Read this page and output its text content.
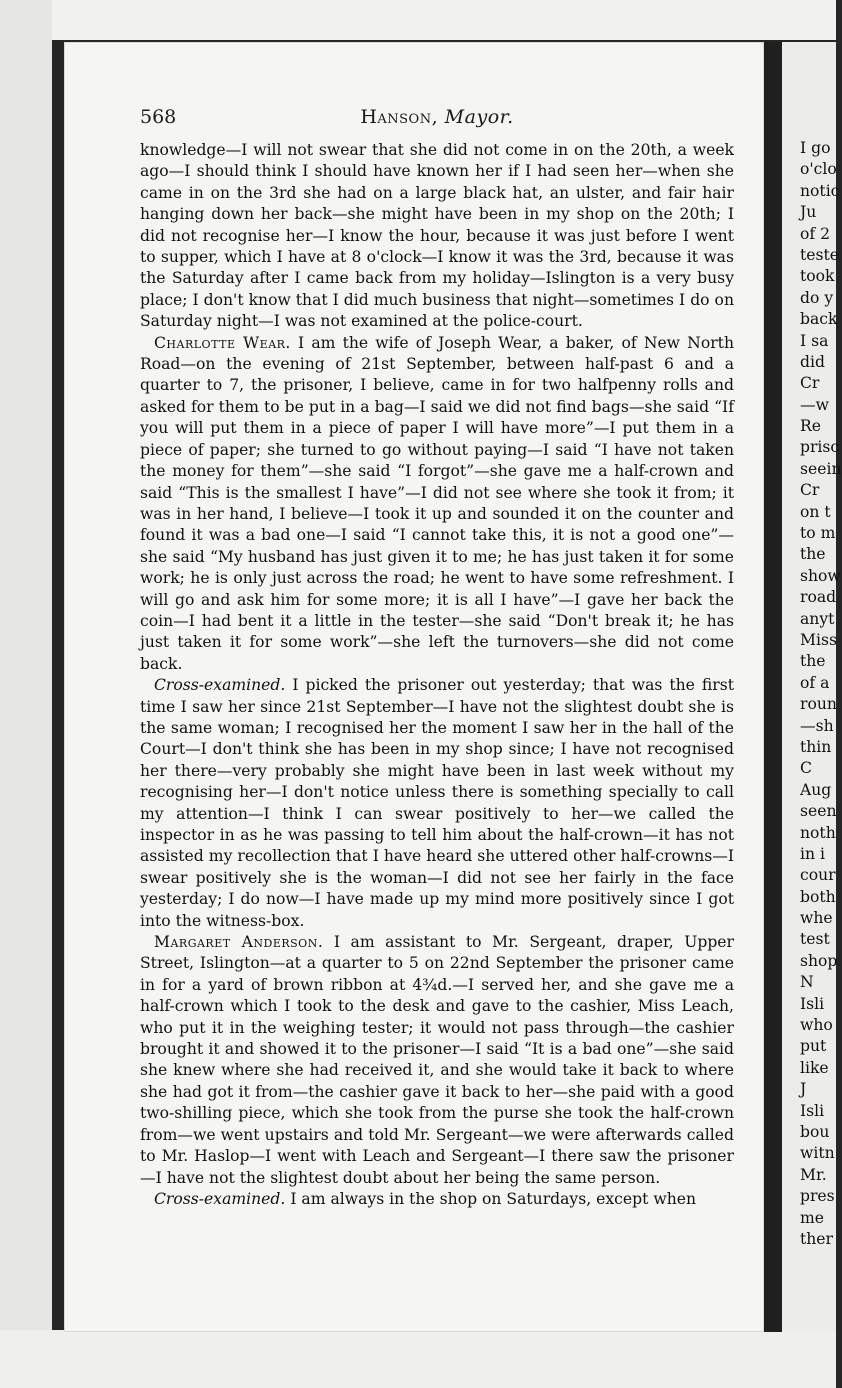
568	Hanson, Mayor.

knowledge—I will not swear that she did not come in on the 20th, a week ago—I should think I should have known her if I had seen her—when she came in on the 3rd she had on a large black hat, an ulster, and fair hair hanging down her back—she might have been in my shop on the 20th; I did not recognise her—I know the hour, because it was just before I went to supper, which I have at 8 o'clock—I know it was the 3rd, because it was the Saturday after I came back from my holiday—Islington is a very busy place; I don't know that I did much business that night—sometimes I do on Saturday night—I was not examined at the police-court.

Charlotte Wear. I am the wife of Joseph Wear, a baker, of New North Road—on the evening of 21st September, between half-past 6 and a quarter to 7, the prisoner, I believe, came in for two halfpenny rolls and asked for them to be put in a bag—I said we did not find bags—she said “If you will put them in a piece of paper I will have more”—I put them in a piece of paper; she turned to go without paying—I said “I have not taken the money for them”—she said “I forgot”—she gave me a half-crown and said “This is the smallest I have”—I did not see where she took it from; it was in her hand, I believe—I took it up and sounded it on the counter and found it was a bad one—I said “I cannot take this, it is not a good one”—she said “My husband has just given it to me; he has just taken it for some work; he is only just across the road; he went to have some refreshment. I will go and ask him for some more; it is all I have”—I gave her back the coin—I had bent it a little in the tester—she said “Don't break it; he has just taken it for some work”—she left the turnovers—she did not come back.

Cross-examined. I picked the prisoner out yesterday; that was the first time I saw her since 21st September—I have not the slightest doubt she is the same woman; I recognised her the moment I saw her in the hall of the Court—I don't think she has been in my shop since; I have not recognised her there—very probably she might have been in last week without my recognising her—I don't notice unless there is something specially to call my attention—I think I can swear positively to her—we called the inspector in as he was passing to tell him about the half-crown—it has not assisted my recollection that I have heard she uttered other half-crowns—I swear positively she is the woman—I did not see her fairly in the face yesterday; I do now—I have made up my mind more positively since I got into the witness-box.

Margaret Anderson. I am assistant to Mr. Sergeant, draper, Upper Street, Islington—at a quarter to 5 on 22nd September the prisoner came in for a yard of brown ribbon at 4¾d.—I served her, and she gave me a half-crown which I took to the desk and gave to the cashier, Miss Leach, who put it in the weighing tester; it would not pass through—the cashier brought it and showed it to the prisoner—I said “It is a bad one”—she said she knew where she had received it, and she would take it back to where she had got it from—the cashier gave it back to her—she paid with a good two-shilling piece, which she took from the purse she took the half-crown from—we went upstairs and told Mr. Sergeant—we were afterwards called to Mr. Haslop—I went with Leach and Sergeant—I there saw the prisoner—I have not the slightest doubt about her being the same person.

Cross-examined. I am always in the shop on Saturdays, except when

I go
o'clo
notic
Ju
of 2
teste
took
do y
back
I sa
did
Cr
—w
Re
prisc
seein
Cr
on t
to m
the
show
road
anyt
Miss
the
of a
roun
—sh
thin
C
Aug
seen
noth
in i
cour
both
whe
test
shop
N
Isli
who
put
like
J
Isli
bou
witn
Mr.
pres
me
ther
